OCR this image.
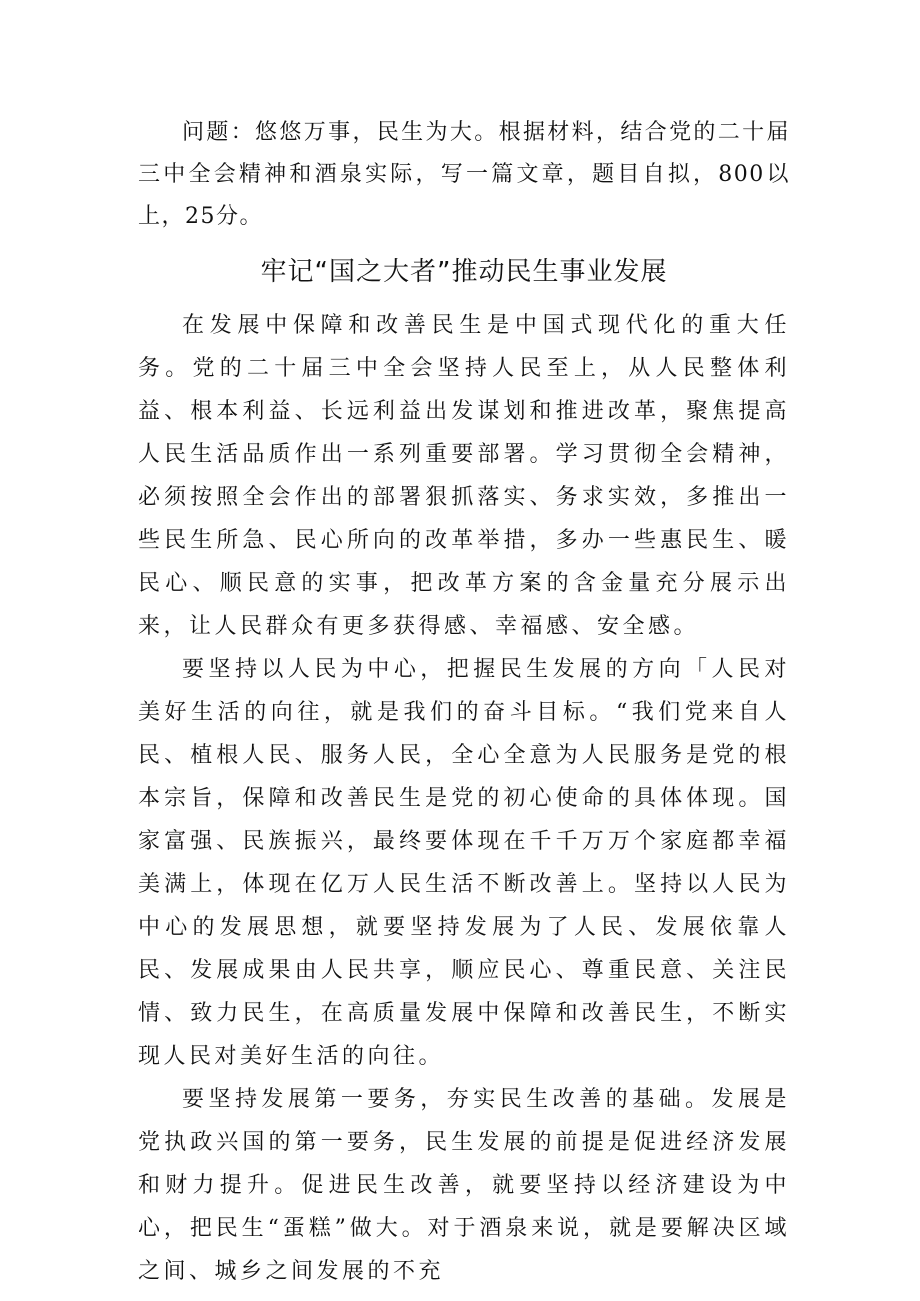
问题：悠悠万事，民生为大。根据材料，结合党的二十届三中全会精神和酒泉实际，写一篇文章，题目自拟，800以上，25分。

牢记“国之大者”推动民生事业发展

在发展中保障和改善民生是中国式现代化的重大任务。党的二十届三中全会坚持人民至上，从人民整体利益、根本利益、长远利益出发谋划和推进改革，聚焦提高人民生活品质作出一系列重要部署。学习贯彻全会精神，必须按照全会作出的部署狠抓落实、务求实效，多推出一些民生所急、民心所向的改革举措，多办一些惠民生、暖民心、顺民意的实事，把改革方案的含金量充分展示出来，让人民群众有更多获得感、幸福感、安全感。

要坚持以人民为中心，把握民生发展的方向「人民对美好生活的向往，就是我们的奋斗目标。“我们党来自人民、植根人民、服务人民，全心全意为人民服务是党的根本宗旨，保障和改善民生是党的初心使命的具体体现。国家富强、民族振兴，最终要体现在千千万万个家庭都幸福美满上，体现在亿万人民生活不断改善上。坚持以人民为中心的发展思想，就要坚持发展为了人民、发展依靠人民、发展成果由人民共享，顺应民心、尊重民意、关注民情、致力民生，在高质量发展中保障和改善民生，不断实现人民对美好生活的向往。

要坚持发展第一要务，夯实民生改善的基础。发展是党执政兴国的第一要务，民生发展的前提是促进经济发展和财力提升。促进民生改善，就要坚持以经济建设为中心，把民生“蛋糕”做大。对于酒泉来说，就是要解决区域之间、城乡之间发展的不充
